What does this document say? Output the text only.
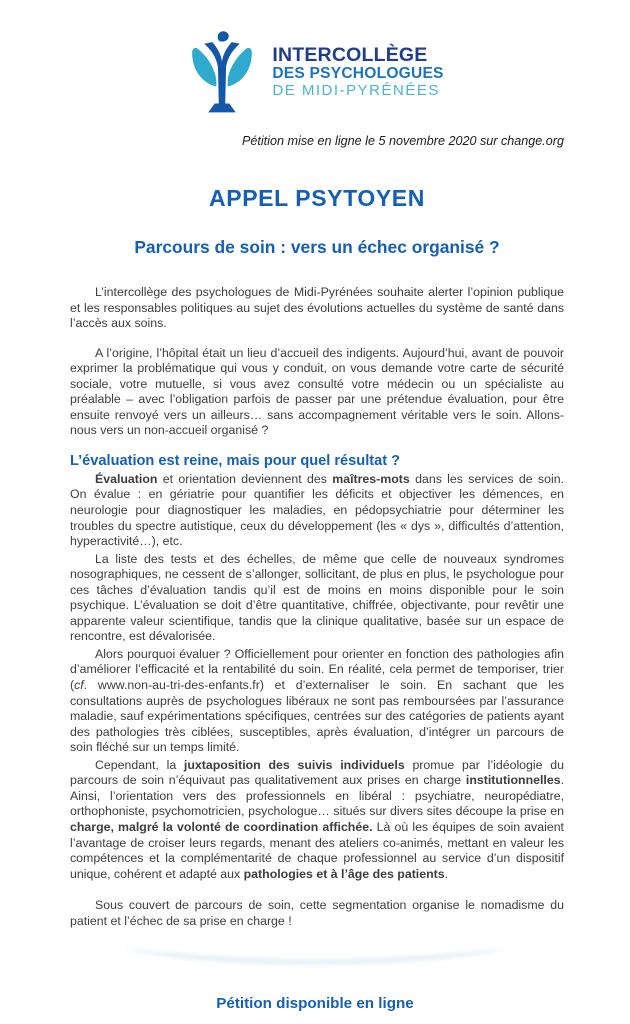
INTERCOLLÈGE
DES PSYCHOLOGUES
DE MIDI-PYRÉNÉES
Pétition mise en ligne le 5 novembre 2020 sur change.org
APPEL PSYTOYEN
Parcours de soin : vers un échec organisé ?

L’intercollège des psychologues de Midi-Pyrénées souhaite alerter l’opinion publique et les responsables politiques au sujet des évolutions actuelles du système de santé dans l’accès aux soins.

A l’origine, l’hôpital était un lieu d’accueil des indigents. Aujourd’hui, avant de pouvoir exprimer la problématique qui vous y conduit, on vous demande votre carte de sécurité sociale, votre mutuelle, si vous avez consulté votre médecin ou un spécialiste au préalable – avec l’obligation parfois de passer par une prétendue évaluation, pour être ensuite renvoyé vers un ailleurs… sans accompagnement véritable vers le soin. Allons-nous vers un non-accueil organisé ?

L’évaluation est reine, mais pour quel résultat ?

Évaluation et orientation deviennent des maîtres-mots dans les services de soin. On évalue : en gériatrie pour quantifier les déficits et objectiver les démences, en neurologie pour diagnostiquer les maladies, en pédopsychiatrie pour déterminer les troubles du spectre autistique, ceux du développement (les « dys », difficultés d’attention, hyperactivité…), etc.

La liste des tests et des échelles, de même que celle de nouveaux syndromes nosographiques, ne cessent de s’allonger, sollicitant, de plus en plus, le psychologue pour ces tâches d’évaluation tandis qu’il est de moins en moins disponible pour le soin psychique. L’évaluation se doit d’être quantitative, chiffrée, objectivante, pour revêtir une apparente valeur scientifique, tandis que la clinique qualitative, basée sur un espace de rencontre, est dévalorisée.

Alors pourquoi évaluer ? Officiellement pour orienter en fonction des pathologies afin d’améliorer l’efficacité et la rentabilité du soin. En réalité, cela permet de temporiser, trier (cf. www.non-au-tri-des-enfants.fr) et d’externaliser le soin. En sachant que les consultations auprès de psychologues libéraux ne sont pas remboursées par l’assurance maladie, sauf expérimentations spécifiques, centrées sur des catégories de patients ayant des pathologies très ciblées, susceptibles, après évaluation, d’intégrer un parcours de soin fléché sur un temps limité.

Cependant, la juxtaposition des suivis individuels promue par l’idéologie du parcours de soin n’équivaut pas qualitativement aux prises en charge institutionnelles. Ainsi, l’orientation vers des professionnels en libéral : psychiatre, neuropédiatre, orthophoniste, psychomotricien, psychologue… situés sur divers sites découpe la prise en charge, malgré la volonté de coordination affichée. Là où les équipes de soin avaient l’avantage de croiser leurs regards, menant des ateliers co-animés, mettant en valeur les compétences et la complémentarité de chaque professionnel au service d’un dispositif unique, cohérent et adapté aux pathologies et à l’âge des patients.

Sous couvert de parcours de soin, cette segmentation organise le nomadisme du patient et l’échec de sa prise en charge !

Pétition disponible en ligne
